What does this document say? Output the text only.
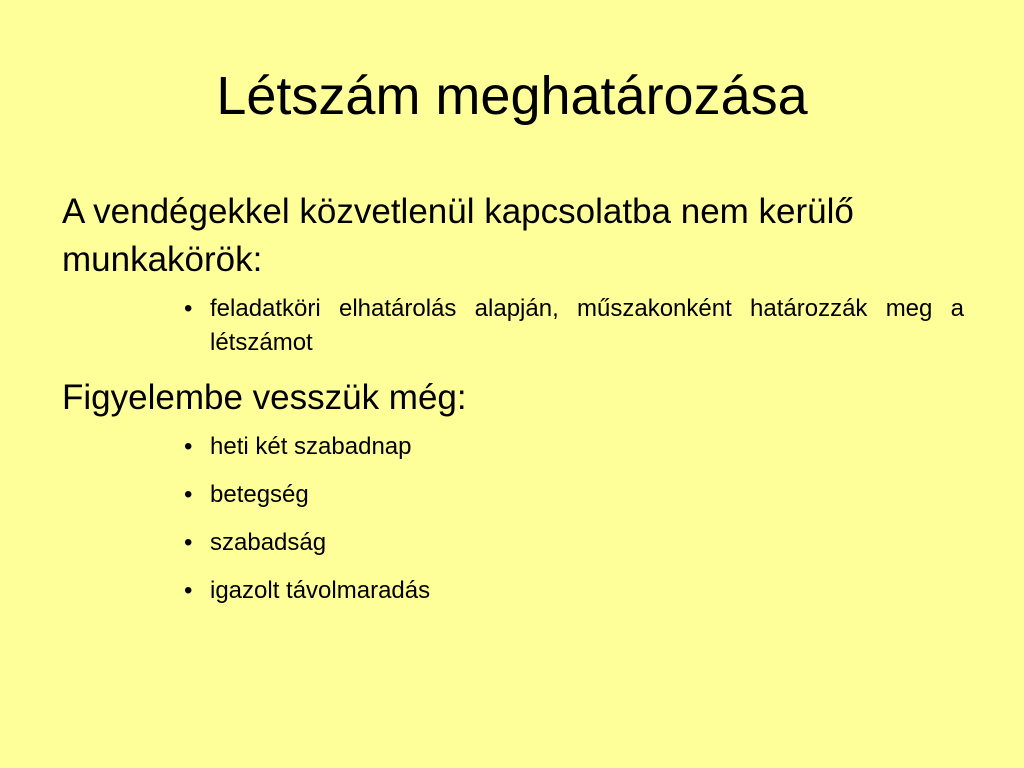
Létszám meghatározása

A vendégekkel közvetlenül kapcsolatba nem kerülő munkakörök:

• feladatköri elhatárolás alapján, műszakonként határozzák meg a létszámot

Figyelembe vesszük még:

• heti két szabadnap
• betegség
• szabadság
• igazolt távolmaradás
